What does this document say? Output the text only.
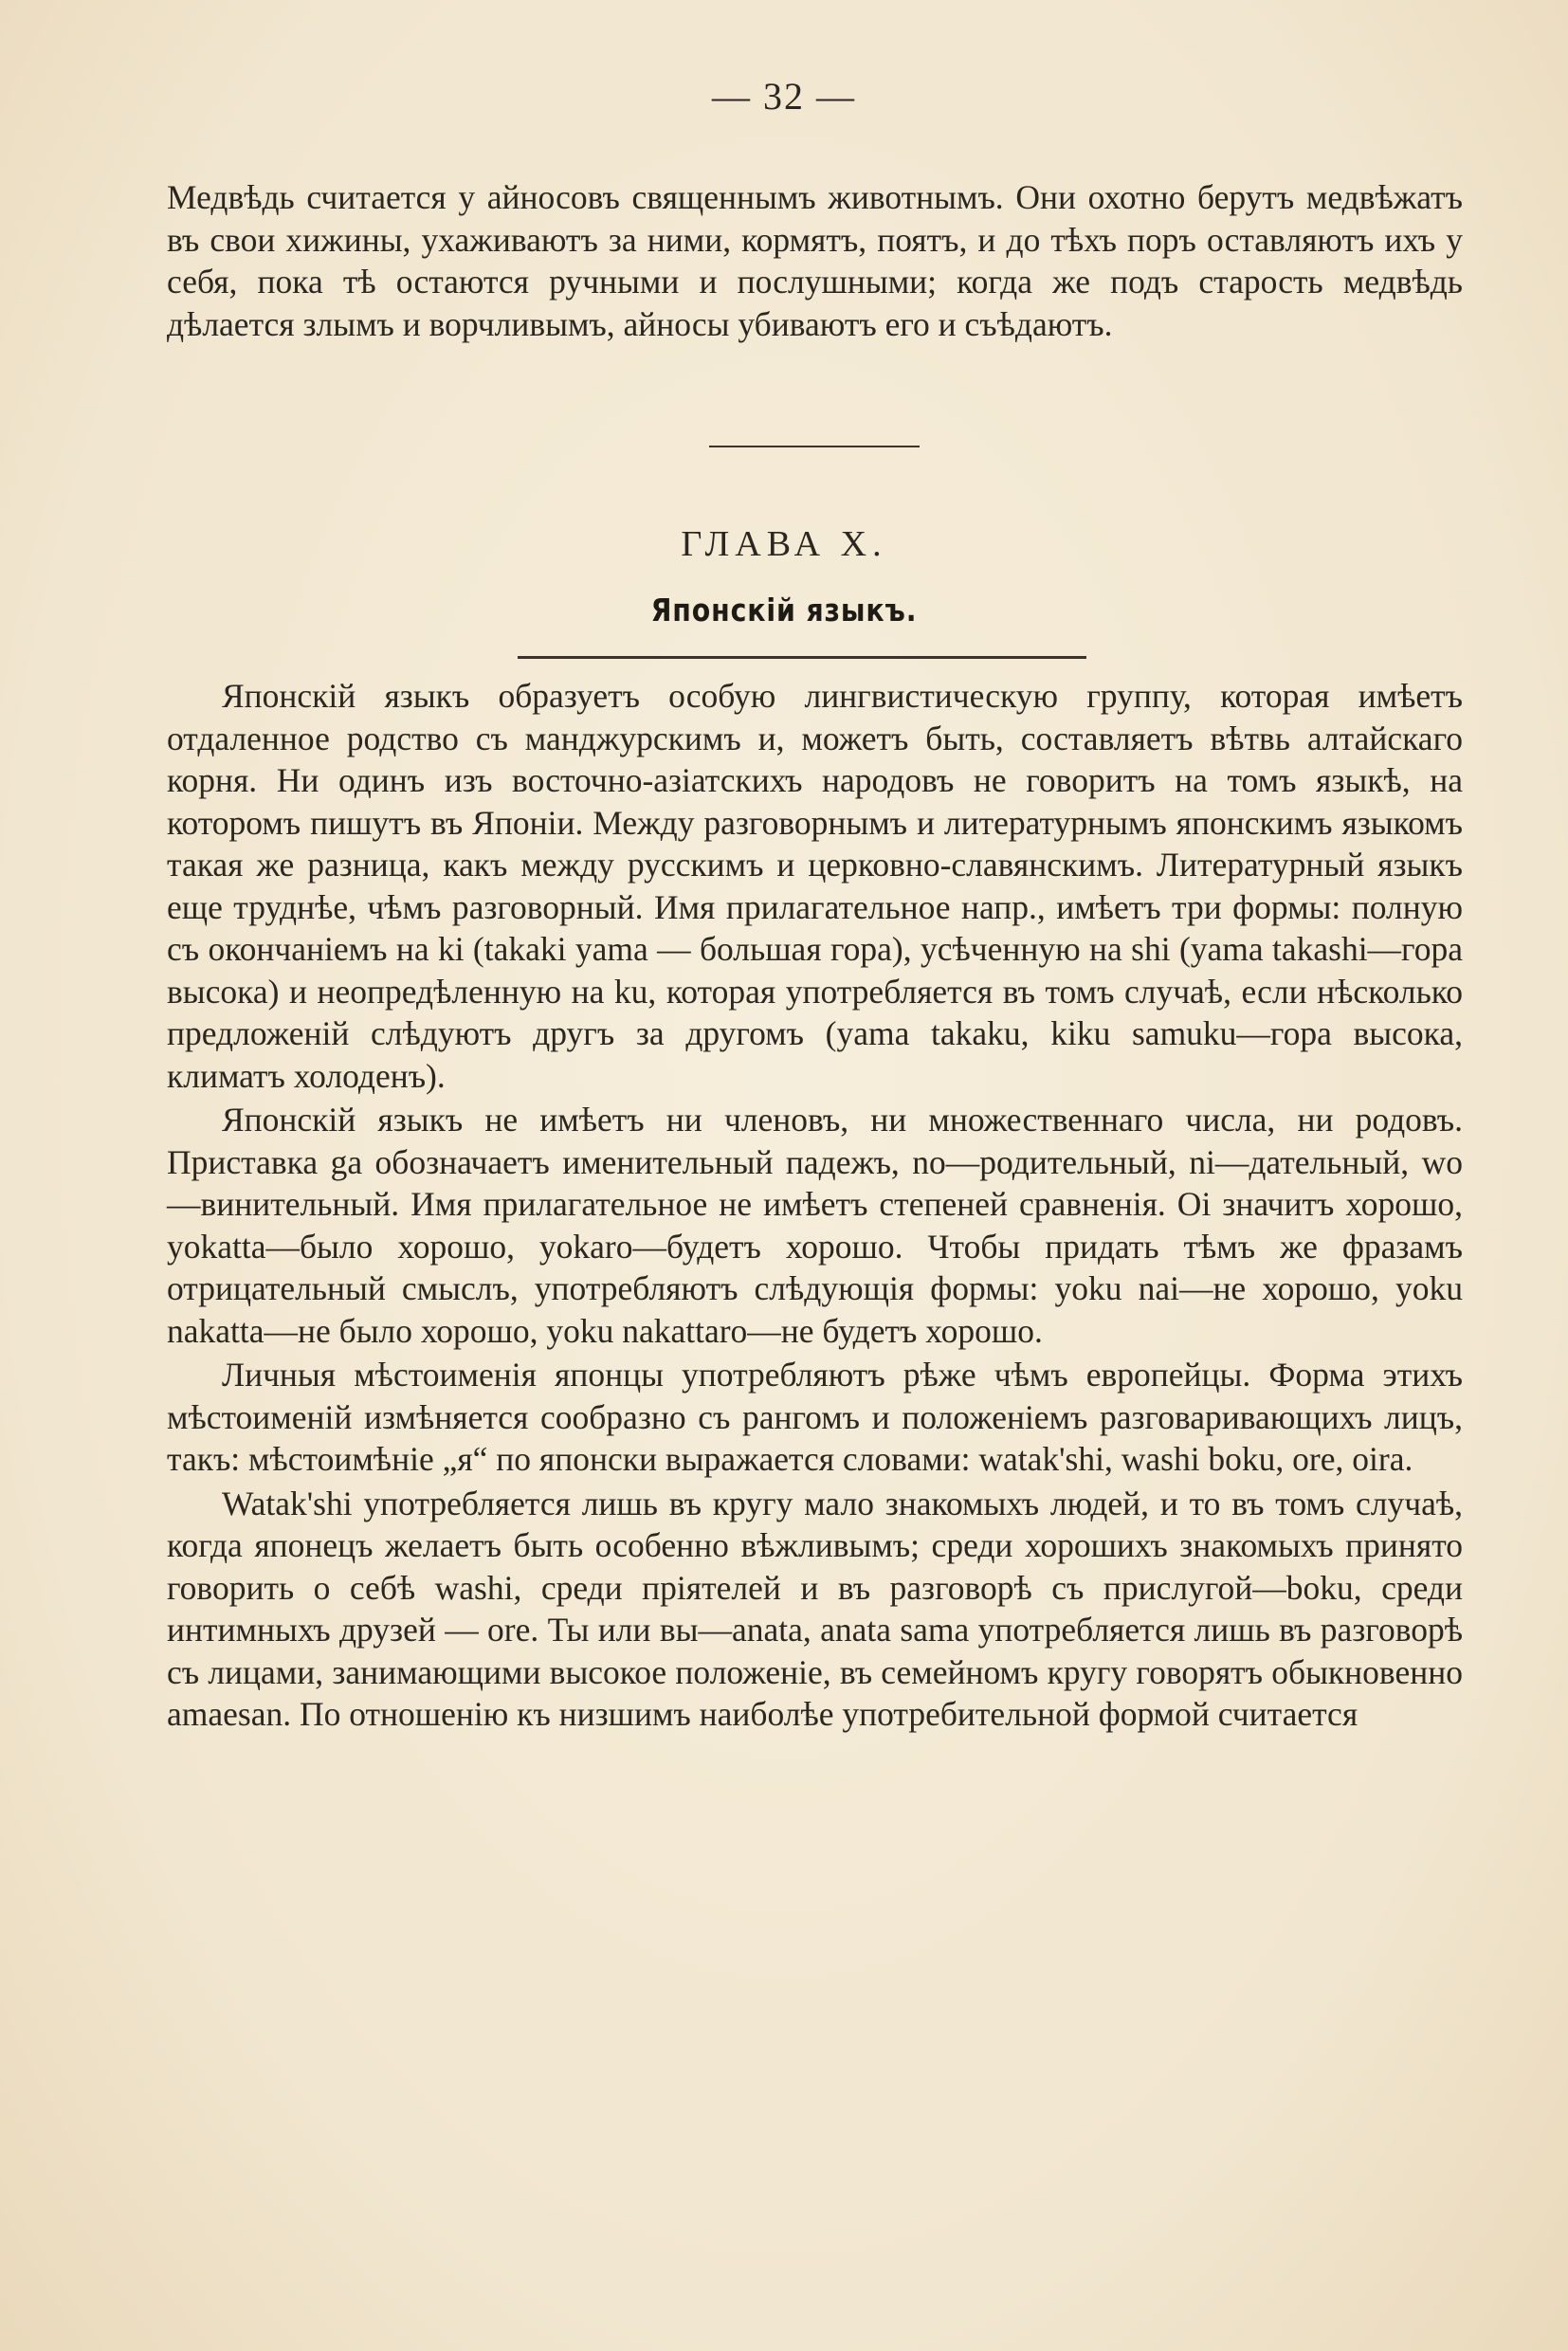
— 32 —

Медвѣдь считается у айносовъ священнымъ животнымъ. Они охотно берутъ медвѣжатъ въ свои хижины, ухаживаютъ за ними, кормятъ, поятъ, и до тѣхъ поръ оставляютъ ихъ у себя, пока тѣ остаются ручными и послушными; когда же подъ старость медвѣдь дѣлается злымъ и ворчливымъ, айносы убиваютъ его и съѣдаютъ.

ГЛАВА X.
Японскій языкъ.

Японскій языкъ образуетъ особую лингвистическую группу, которая имѣетъ отдаленное родство съ манджурскимъ и, можетъ быть, составляетъ вѣтвь алтайскаго корня. Ни одинъ изъ восточно-азіатскихъ народовъ не говоритъ на томъ языкѣ, на которомъ пишутъ въ Японіи. Между разговорнымъ и литературнымъ японскимъ языкомъ такая же разница, какъ между русскимъ и церковно-славянскимъ. Литературный языкъ еще труднѣе, чѣмъ разговорный. Имя прилагательное напр., имѣетъ три формы: полную съ окончаніемъ на ki (takaki yama — большая гора), усѣченную на shi (yama takashi—гора высока) и неопредѣленную на ku, которая употребляется въ томъ случаѣ, если нѣсколько предложеній слѣдуютъ другъ за другомъ (yama takaku, kiku samuku—гора высока, климатъ холоденъ).

Японскій языкъ не имѣетъ ни членовъ, ни множественнаго числа, ни родовъ. Приставка ga обозначаетъ именительный падежъ, no—родительный, ni—дательный, wo—винительный. Имя прилагательное не имѣетъ степеней сравненія. Oi значитъ хорошо, yokatta—было хорошо, yokaro—будетъ хорошо. Чтобы придать тѣмъ же фразамъ отрицательный смыслъ, употребляютъ слѣдующія формы: yoku nai—не хорошо, yoku nakatta—не было хорошо, yoku nakattaro—не будетъ хорошо.

Личныя мѣстоименія японцы употребляютъ рѣже чѣмъ европейцы. Форма этихъ мѣстоименій измѣняется сообразно съ рангомъ и положеніемъ разговаривающихъ лицъ, такъ: мѣстоимѣніе „я“ по японски выражается словами: watak'shi, washi boku, ore, oira.

Watak'shi употребляется лишь въ кругу мало знакомыхъ людей, и то въ томъ случаѣ, когда японецъ желаетъ быть особенно вѣжливымъ; среди хорошихъ знакомыхъ принято говорить о себѣ washi, среди пріятелей и въ разговорѣ съ прислугой—boku, среди интимныхъ друзей — ore. Ты или вы—anata, anata sama употребляется лишь въ разговорѣ съ лицами, занимающими высокое положеніе, въ семейномъ кругу говорятъ обыкновенно amaesan. По отношенію къ низшимъ наиболѣе употребительной формой считается
